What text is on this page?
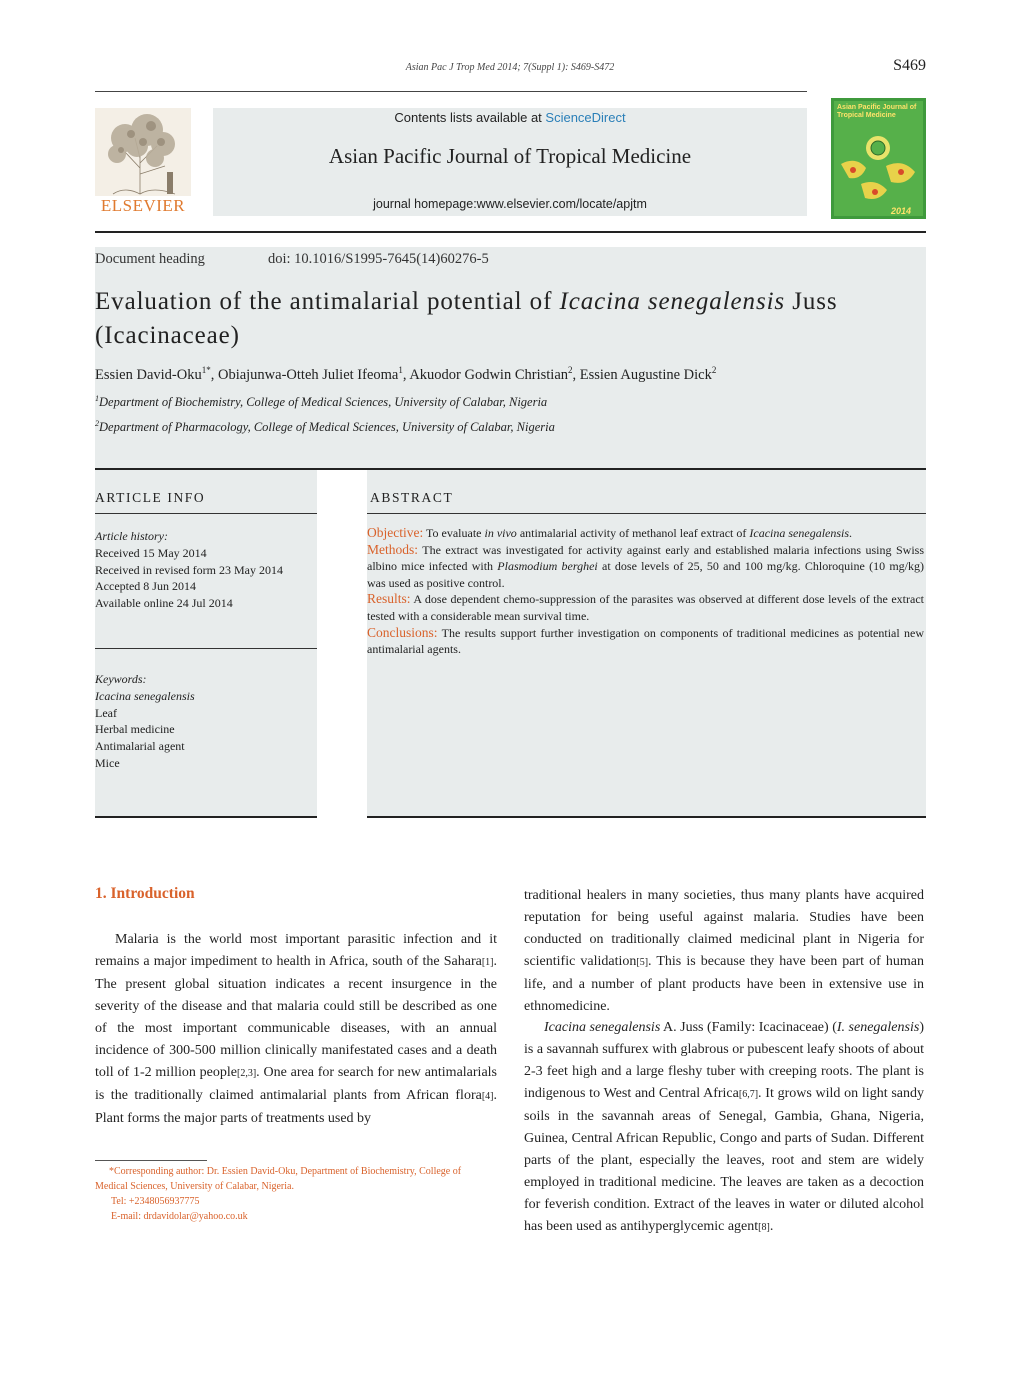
Asian Pac J Trop Med 2014; 7(Suppl 1): S469-S472	S469
ELSEVIER
Contents lists available at ScienceDirect
Asian Pacific Journal of Tropical Medicine
journal homepage:www.elsevier.com/locate/apjtm
Asian Pacific Journal of Tropical Medicine
2014
Document heading	doi: 10.1016/S1995-7645(14)60276-5
Evaluation of the antimalarial potential of Icacina senegalensis Juss
(Icacinaceae)
Essien David-Oku$^{1*}$, Obiajunwa-Otteh Juliet Ifeoma$^1$, Akuodor Godwin Christian$^2$, Essien Augustine Dick$^2$
$^1$Department of Biochemistry, College of Medical Sciences, University of Calabar, Nigeria
$^2$Department of Pharmacology, College of Medical Sciences, University of Calabar, Nigeria
ARTICLE INFO
Article history:
Received 15 May 2014
Received in revised form 23 May 2014
Accepted 8 Jun 2014
Available online 24 Jul 2014
Keywords:
Icacina senegalensis
Leaf
Herbal medicine
Antimalarial agent
Mice
ABSTRACT
Objective: To evaluate in vivo antimalarial activity of methanol leaf extract of Icacina senegalensis.
Methods: The extract was investigated for activity against early and established malaria infections using Swiss albino mice infected with Plasmodium berghei at dose levels of 25, 50 and 100 mg/kg. Chloroquine (10 mg/kg) was used as positive control.
Results: A dose dependent chemo-suppression of the parasites was observed at different dose levels of the extract tested with a considerable mean survival time.
Conclusions: The results support further investigation on components of traditional medicines as potential new antimalarial agents.
1. Introduction
Malaria is the world most important parasitic infection and it remains a major impediment to health in Africa, south of the Sahara[1]. The present global situation indicates a recent insurgence in the severity of the disease and that malaria could still be described as one of the most important communicable diseases, with an annual incidence of 300-500 million clinically manifestated cases and a death toll of 1-2 million people[2,3]. One area for search for new antimalarials is the traditionally claimed antimalarial plants from African flora[4]. Plant forms the major parts of treatments used by
traditional healers in many societies, thus many plants have acquired reputation for being useful against malaria. Studies have been conducted on traditionally claimed medicinal plant in Nigeria for scientific validation[5]. This is because they have been part of human life, and a number of plant products have been in extensive use in ethnomedicine.
Icacina senegalensis A. Juss (Family: Icacinaceae) (I. senegalensis) is a savannah suffurex with glabrous or pubescent leafy shoots of about 2-3 feet high and a large fleshy tuber with creeping roots. The plant is indigenous to West and Central Africa[6,7]. It grows wild on light sandy soils in the savannah areas of Senegal, Gambia, Ghana, Nigeria, Guinea, Central African Republic, Congo and parts of Sudan. Different parts of the plant, especially the leaves, root and stem are widely employed in traditional medicine. The leaves are taken as a decoction for feverish condition. Extract of the leaves in water or diluted alcohol has been used as antihyperglycemic agent[8].
*Corresponding author: Dr. Essien David-Oku, Department of Biochemistry, College of Medical Sciences, University of Calabar, Nigeria.
Tel: +2348056937775
E-mail: drdavidolar@yahoo.co.uk
